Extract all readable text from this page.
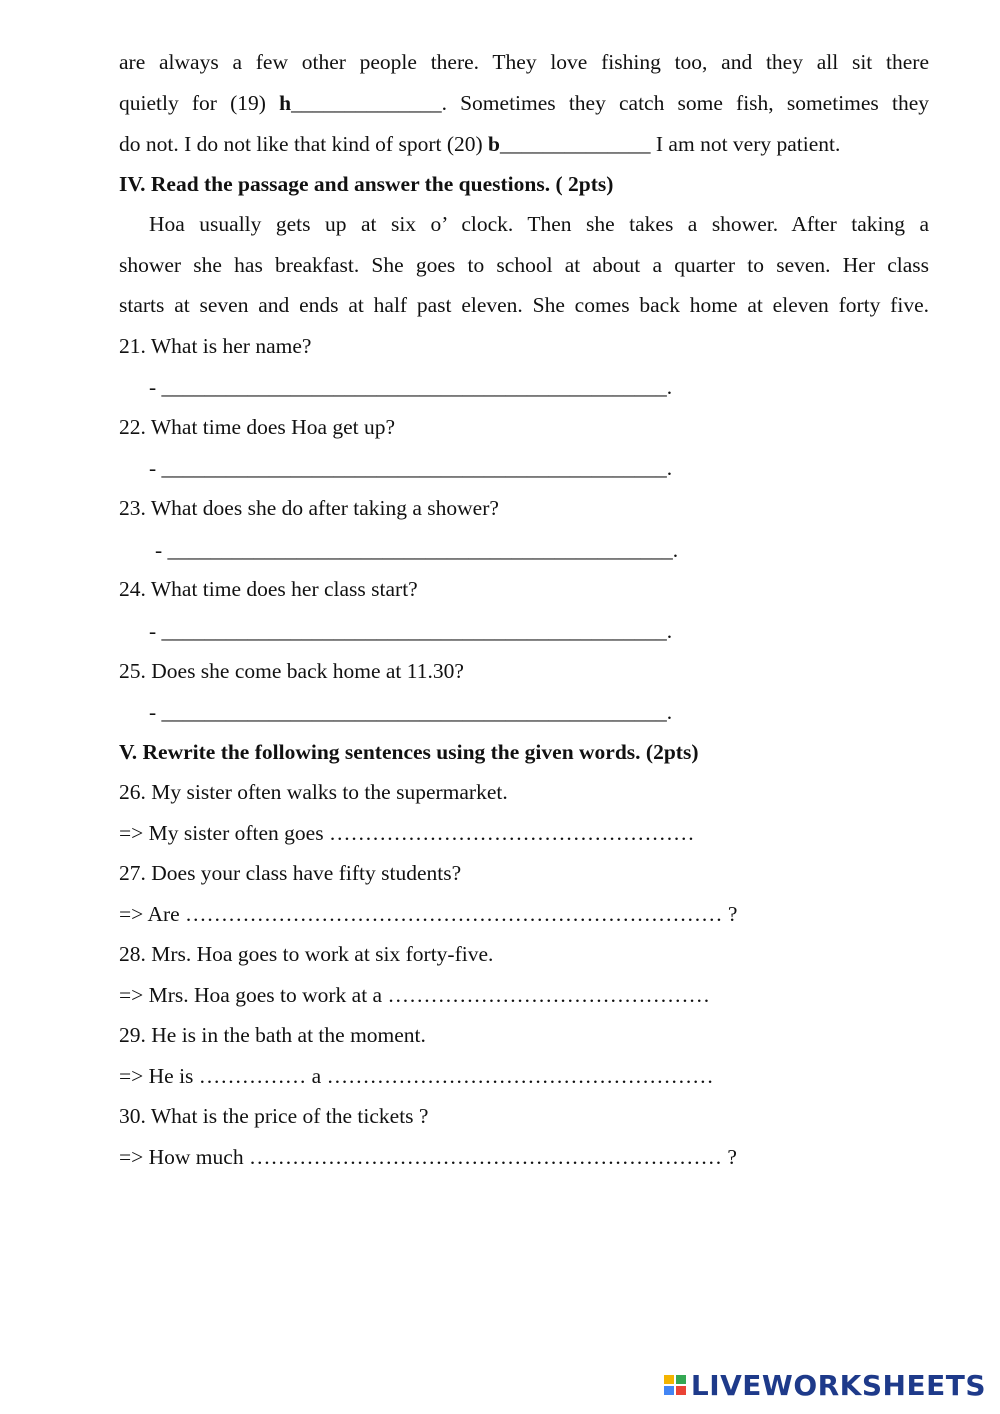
are always a few other people there. They love fishing too, and they all sit there
quietly for (19) h______________. Sometimes they catch some fish, sometimes they
do not. I do not like that kind of sport (20) b______________ I am not very patient.
IV. Read the passage and answer the questions. ( 2pts)
Hoa usually gets up at six o’ clock. Then she takes a shower. After taking a
shower she has breakfast. She goes to school at about a quarter to seven. Her class
starts at seven and ends at half past eleven. She comes back home at eleven forty five.
21. What is her name?
- _______________________________________________.
22. What time does Hoa get up?
- _______________________________________________.
23. What does she do after taking a shower?
- _______________________________________________.
24. What time does her class start?
- _______________________________________________.
25. Does she come back home at 11.30?
- _______________________________________________.
V. Rewrite the following sentences using the given words. (2pts)
26. My sister often walks to the supermarket.
=> My sister often goes ……………………………………………
27. Does your class have fifty students?
=> Are ………………………………………………………………… ?
28. Mrs. Hoa goes to work at six forty-five.
=> Mrs. Hoa goes to work at a ………………………………………
29. He is in the bath at the moment.
=> He is …………… a ………………………………………………
30. What is the price of the tickets ?
=> How much ………………………………………………………… ?
LIVEWORKSHEETS
